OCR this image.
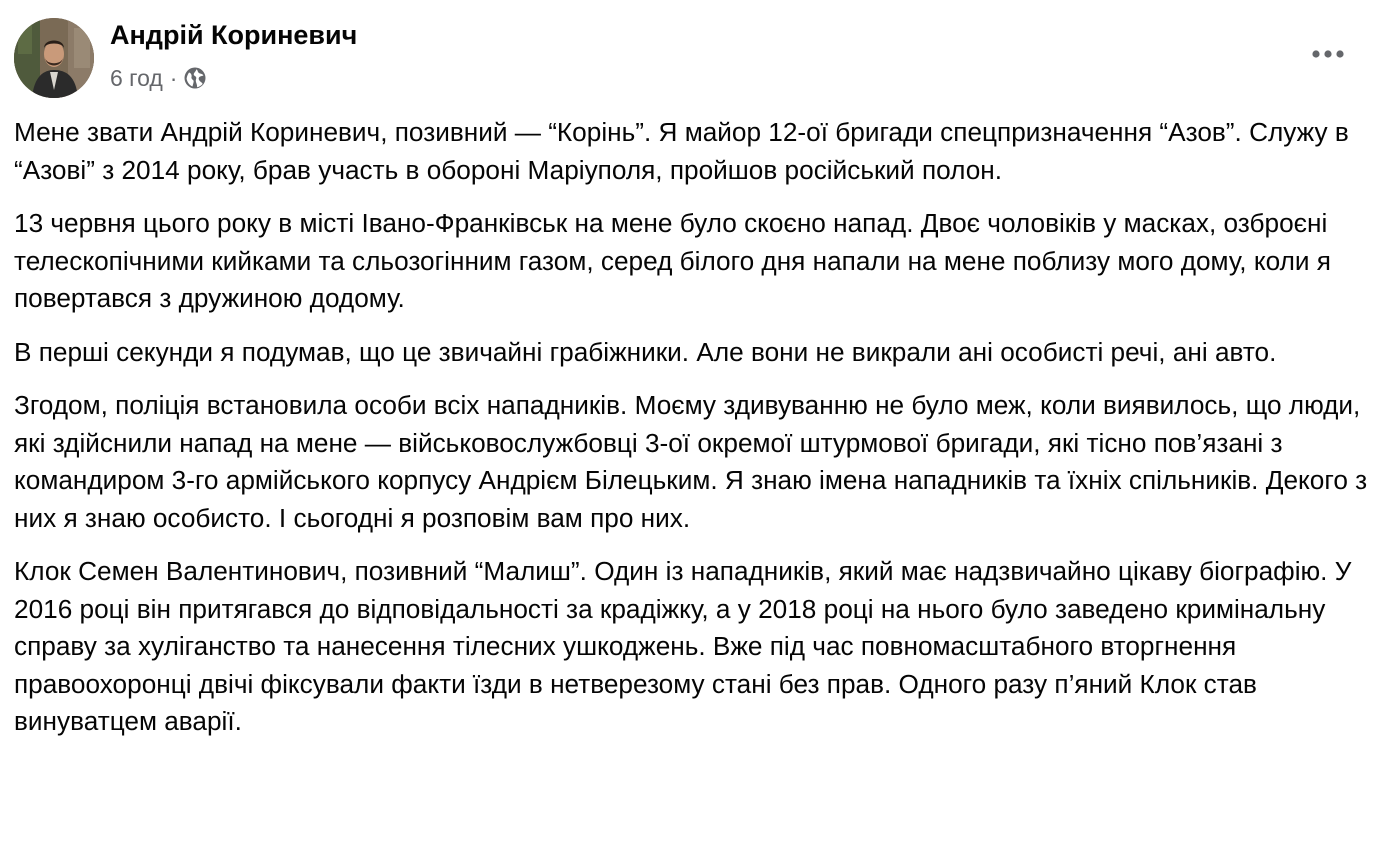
Андрій Кориневич
6 год ·

Мене звати Андрій Коринeвич, позивний — “Корінь”. Я майор 12-ої бригади спецпризначення “Азов”. Служу в “Азові” з 2014 року, брав участь в обороні Маріуполя, пройшов російський полон.

13 червня цього року в місті Івано-Франківськ на мене було скоєно напад. Двоє чоловіків у масках, озброєні телескопічними кийками та сльозогінним газом, серед білого дня напали на мене поблизу мого дому, коли я повертався з дружиною додому.

В перші секунди я подумав, що це звичайні грабіжники. Але вони не викрали ані особисті речі, ані авто.

Згодом, поліція встановила особи всіх нападників. Моєму здивуванню не було меж, коли виявилось, що люди, які здійснили напад на мене — військовослужбовці 3-ої окремої штурмової бригади, які тісно пов’язані з командиром 3-го армійського корпусу Андрієм Білецьким. Я знаю імена нападників та їхніх спільників. Декого з них я знаю особисто. І сьогодні я розповім вам про них.

Клок Семен Валентинович, позивний “Малиш”. Один із нападників, який має надзвичайно цікаву біографію. У 2016 році він притягався до відповідальності за крадіжку, а у 2018 році на нього було заведено кримінальну справу за хуліганство та нанесення тілесних ушкоджень. Вже під час повномасштабного вторгнення правоохоронці двічі фіксували факти їзди в нетверезому стані без прав. Одного разу п’яний Клок став винуватцем аварії.
